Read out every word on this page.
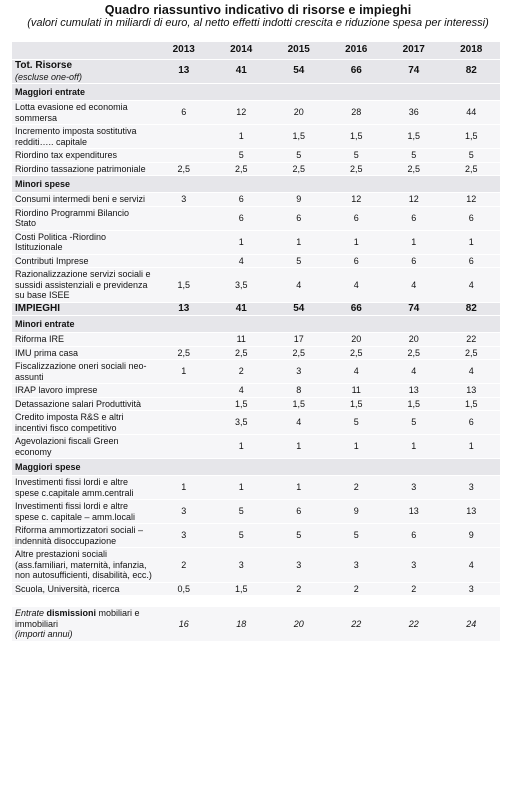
Quadro riassuntivo indicativo di risorse e impieghi
(valori cumulati in miliardi di euro, al netto effetti indotti crescita e riduzione spesa per interessi)
	2013	2014	2015	2016	2017	2018

Tot. Risorse
(escluse one-off)	13	41	54	66	74	82
Maggiori entrate						
Lotta evasione ed economia sommersa	6	12	20	28	36	44
Incremento imposta sostitutiva redditi….. capitale		1	1,5	1,5	1,5	1,5
Riordino tax expenditures		5	5	5	5	5
Riordino tassazione patrimoniale	2,5	2,5	2,5	2,5	2,5	2,5
Minori spese						
Consumi intermedi beni e servizi	3	6	9	12	12	12
Riordino Programmi Bilancio Stato		6	6	6	6	6
Costi Politica -Riordino Istituzionale		1	1	1	1	1
Contributi Imprese		4	5	6	6	6
Razionalizzazione servizi sociali e sussidi assistenziali e previdenza su base ISEE	1,5	3,5	4	4	4	4
IMPIEGHI	13	41	54	66	74	82
Minori entrate						
Riforma IRE		11	17	20	20	22
IMU prima casa	2,5	2,5	2,5	2,5	2,5	2,5
Fiscalizzazione oneri sociali neo-assunti	1	2	3	4	4	4
IRAP lavoro imprese		4	8	11	13	13
Detassazione salari Produttività		1,5	1,5	1,5	1,5	1,5
Credito imposta R&S e altri incentivi fisco competitivo		3,5	4	5	5	6
Agevolazioni fiscali Green economy		1	1	1	1	1
Maggiori spese						
Investimenti fissi lordi e altre spese c.capitale amm.centrali	1	1	1	2	3	3
Investimenti fissi lordi e altre spese c. capitale – amm.locali	3	5	6	9	13	13
Riforma ammortizzatori sociali – indennità disoccupazione	3	5	5	5	6	9
Altre prestazioni sociali (ass.familiari, maternità, infanzia, non autosufficienti, disabilità, ecc.)	2	3	3	3	3	4
Scuola, Università, ricerca	0,5	1,5	2	2	2	3

Entrate dismissioni mobiliari e immobiliari
(importi annui)	16	18	20	22	22	24
